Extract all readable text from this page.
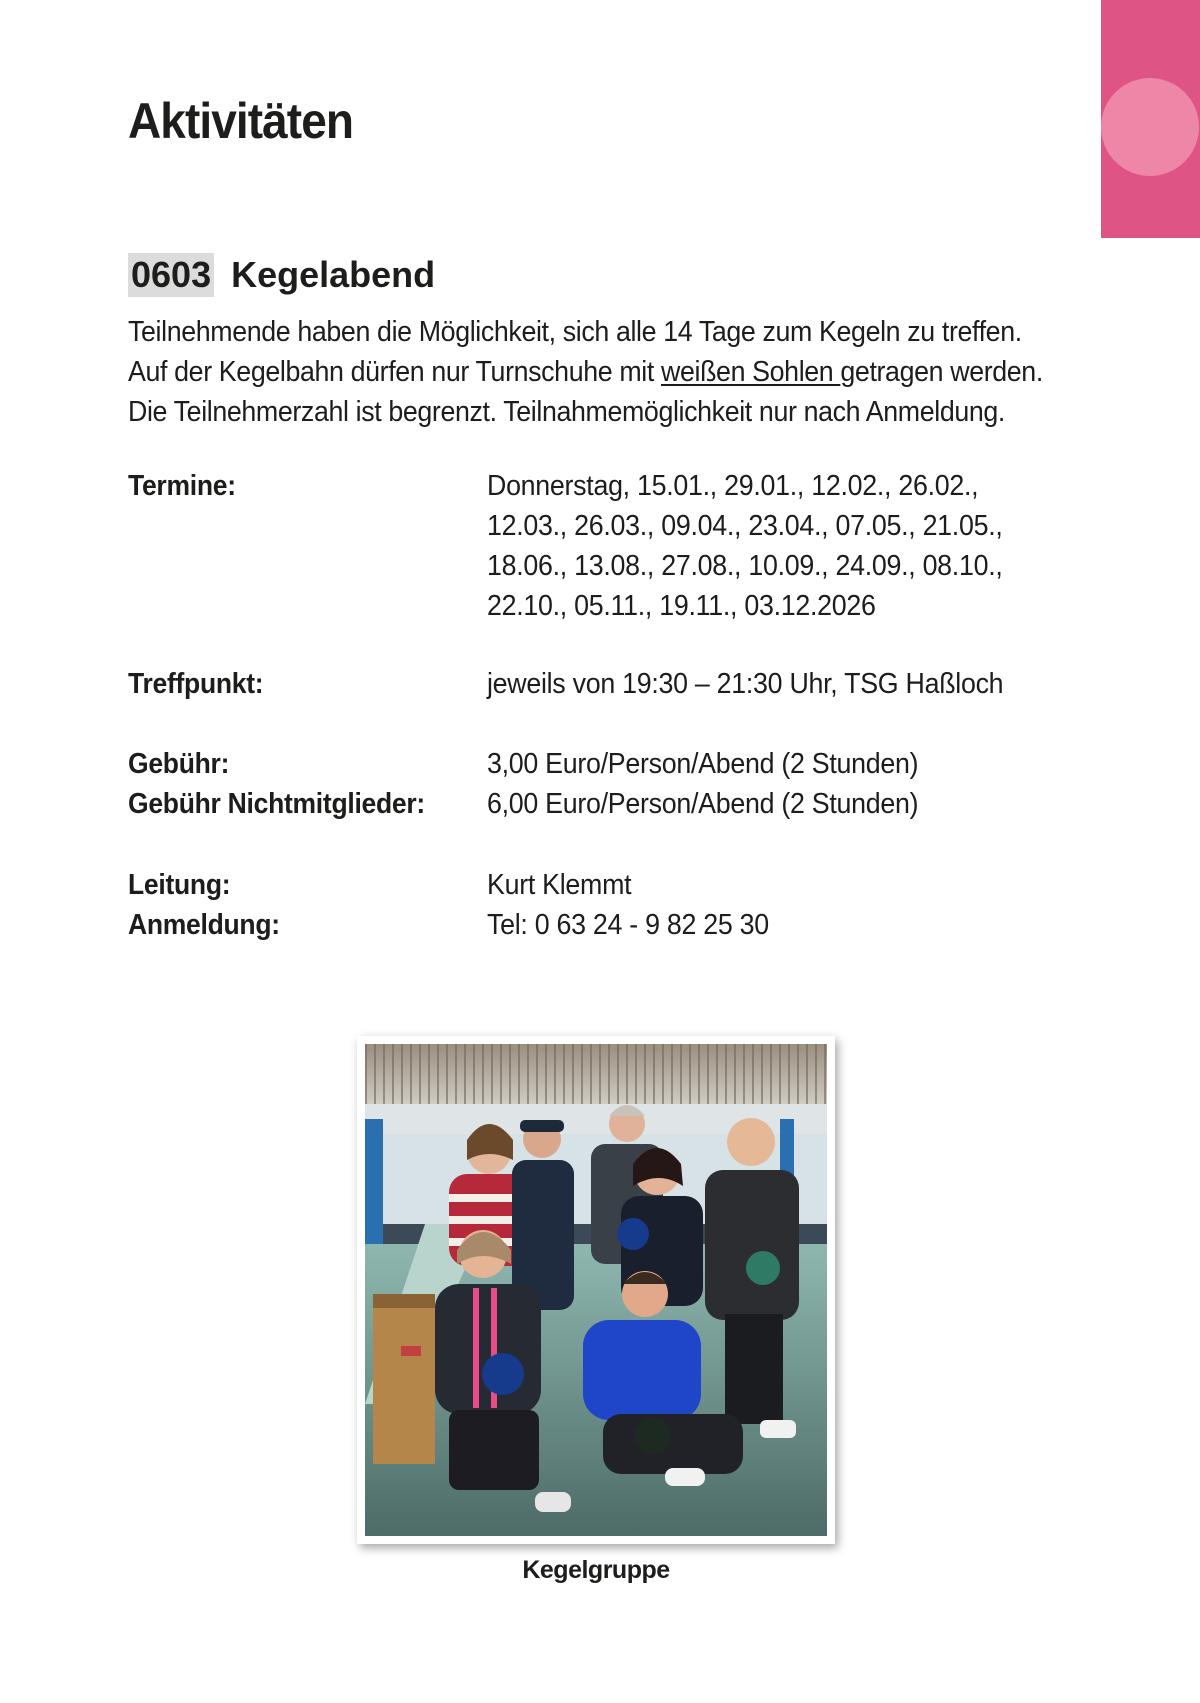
Aktivitäten
0603 Kegelabend

Teilnehmende haben die Möglichkeit, sich alle 14 Tage zum Kegeln zu treffen.

Auf der Kegelbahn dürfen nur Turnschuhe mit weißen Sohlen getragen werden.

Die Teilnehmerzahl ist begrenzt. Teilnahmemöglichkeit nur nach Anmeldung.

Termine:	Donnerstag, 15.01., 29.01., 12.02., 26.02.,
12.03., 26.03., 09.04., 23.04., 07.05., 21.05.,
18.06., 13.08., 27.08., 10.09., 24.09., 08.10.,
22.10., 05.11., 19.11., 03.12.2026
Treffpunkt:	jeweils von 19:30 – 21:30 Uhr, TSG Haßloch
Gebühr:	3,00 Euro/Person/Abend (2 Stunden)
Gebühr Nichtmitglieder: 6,00 Euro/Person/Abend (2 Stunden)
Leitung:	Kurt Klemmt
Anmeldung:	Tel: 0 63 24 - 9 82 25 30
Kegelgruppe
